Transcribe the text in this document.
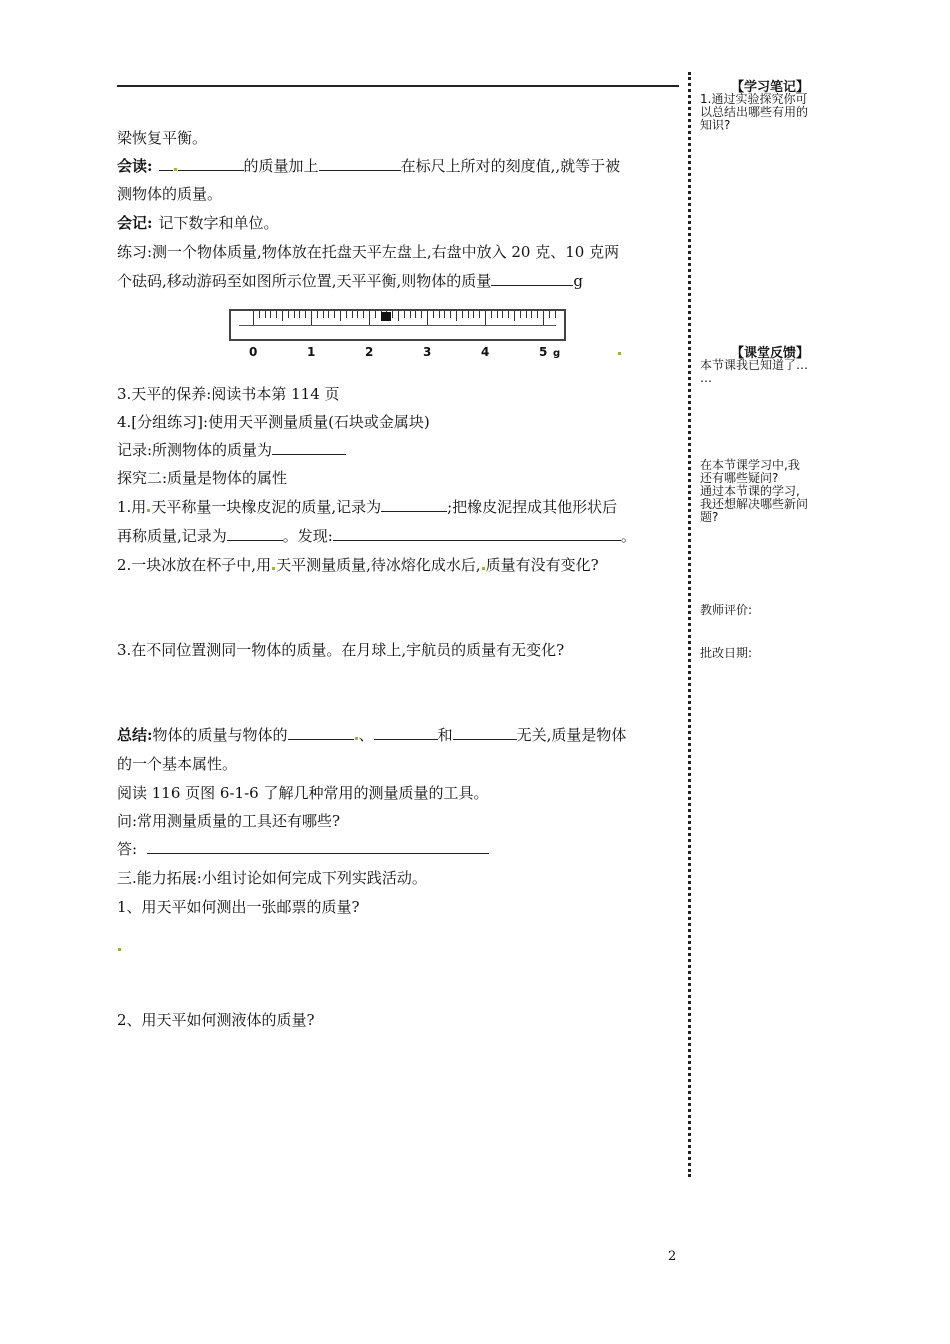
梁恢复平衡。
会读:	的质量加上	在标尺上所对的刻度值,,就等于被
测物体的质量。
会记: 记下数字和单位。
练习:测一个物体质量,物体放在托盘天平左盘上,右盘中放入 20 克、10 克两
个砝码,移动游码至如图所示位置,天平平衡,则物体的质量	g
3.天平的保养:阅读书本第 114 页
4.[分组练习]:使用天平测量质量(石块或金属块)
记录:所测物体的质量为
探究二:质量是物体的属性
1.用 天平称量一块橡皮泥的质量,记录为	;把橡皮泥捏成其他形状后
再称质量,记录为	。发现:	。
2.一块冰放在杯子中,用 天平测量质量,待冰熔化成水后, 质量有没有变化?
3.在不同位置测同一物体的质量。在月球上,宇航员的质量有无变化?
总结:物体的质量与物体的	、	和	无关,质量是物体
的一个基本属性。
阅读 116 页图 6-1-6 了解几种常用的测量质量的工具。
问:常用测量质量的工具还有哪些?
答:
三.能力拓展:小组讨论如何完成下列实践活动。
1、用天平如何测出一张邮票的质量?
2、用天平如何测液体的质量?
0	1	2	3	4	5 g
【学习笔记】
1.通过实验探究你可
以总结出哪些有用的
知识?
【课堂反馈】
本节课我已知道了…
…
在本节课学习中,我
还有哪些疑问?
通过本节课的学习,
我还想解决哪些新问
题?
教师评价:
批改日期:
2
